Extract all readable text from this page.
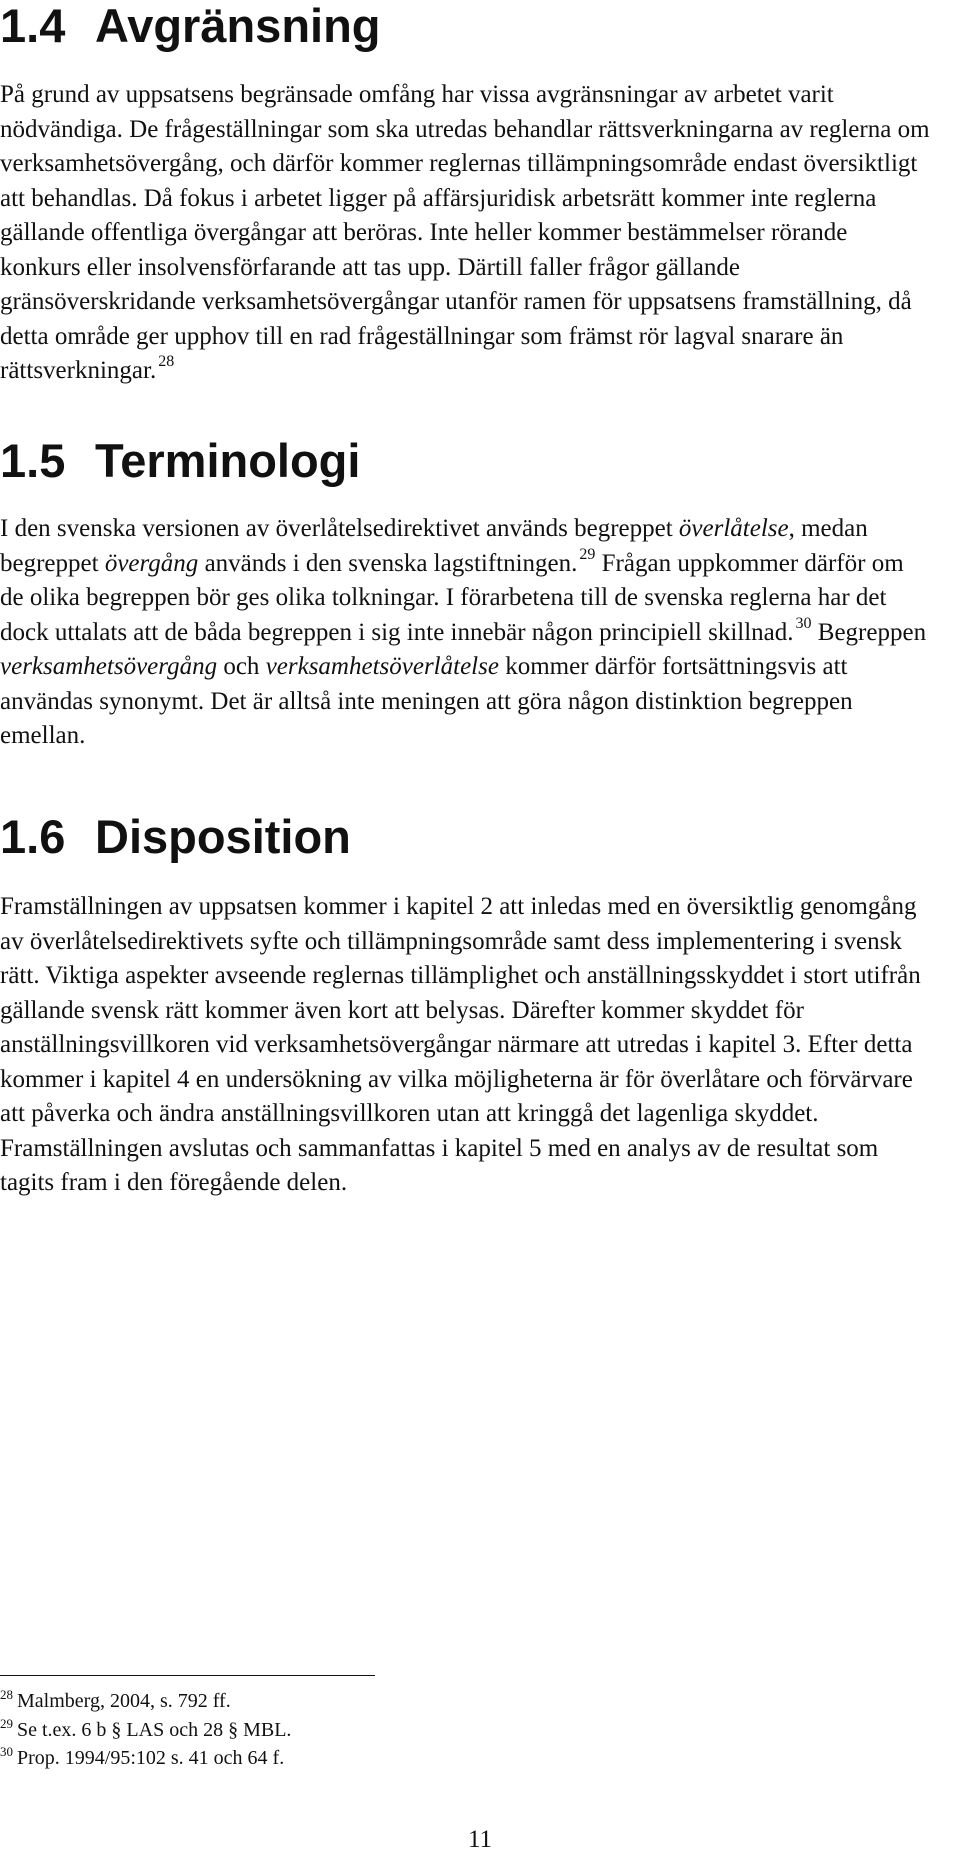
1.4 Avgränsning

På grund av uppsatsens begränsade omfång har vissa avgränsningar av arbetet varit nödvändiga. De frågeställningar som ska utredas behandlar rättsverkningarna av reglerna om verksamhetsövergång, och därför kommer reglernas tillämpningsområde endast översiktligt att behandlas. Då fokus i arbetet ligger på affärsjuridisk arbetsrätt kommer inte reglerna gällande offentliga övergångar att beröras. Inte heller kommer bestämmelser rörande konkurs eller insolvensförfarande att tas upp. Därtill faller frågor gällande gränsöverskridande verksamhetsövergångar utanför ramen för uppsatsens framställning, då detta område ger upphov till en rad frågeställningar som främst rör lagval snarare än rättsverkningar. $^{28}$

1.5 Terminologi

I den svenska versionen av överlåtelsedirektivet används begreppet överlåtelse, medan begreppet övergång används i den svenska lagstiftningen. $^{29}$ Frågan uppkommer därför om de olika begreppen bör ges olika tolkningar. I förarbetena till de svenska reglerna har det dock uttalats att de båda begreppen i sig inte innebär någon principiell skillnad. $^{30}$ Begreppen verksamhetsövergång och verksamhetsöverlåtelse kommer därför fortsättningsvis att användas synonymt. Det är alltså inte meningen att göra någon distinktion begreppen emellan.

1.6 Disposition

Framställningen av uppsatsen kommer i kapitel 2 att inledas med en översiktlig genomgång av överlåtelsedirektivets syfte och tillämpningsområde samt dess implementering i svensk rätt. Viktiga aspekter avseende reglernas tillämplighet och anställningsskyddet i stort utifrån gällande svensk rätt kommer även kort att belysas. Därefter kommer skyddet för anställningsvillkoren vid verksamhetsövergångar närmare att utredas i kapitel 3. Efter detta kommer i kapitel 4 en undersökning av vilka möjligheterna är för överlåtare och förvärvare att påverka och ändra anställningsvillkoren utan att kringgå det lagenliga skyddet. Framställningen avslutas och sammanfattas i kapitel 5 med en analys av de resultat som tagits fram i den föregående delen.

$^{28}$ Malmberg, 2004, s. 792 ff.
$^{29}$ Se t.ex. 6 b § LAS och 28 § MBL.
$^{30}$ Prop. 1994/95:102 s. 41 och 64 f.
11
